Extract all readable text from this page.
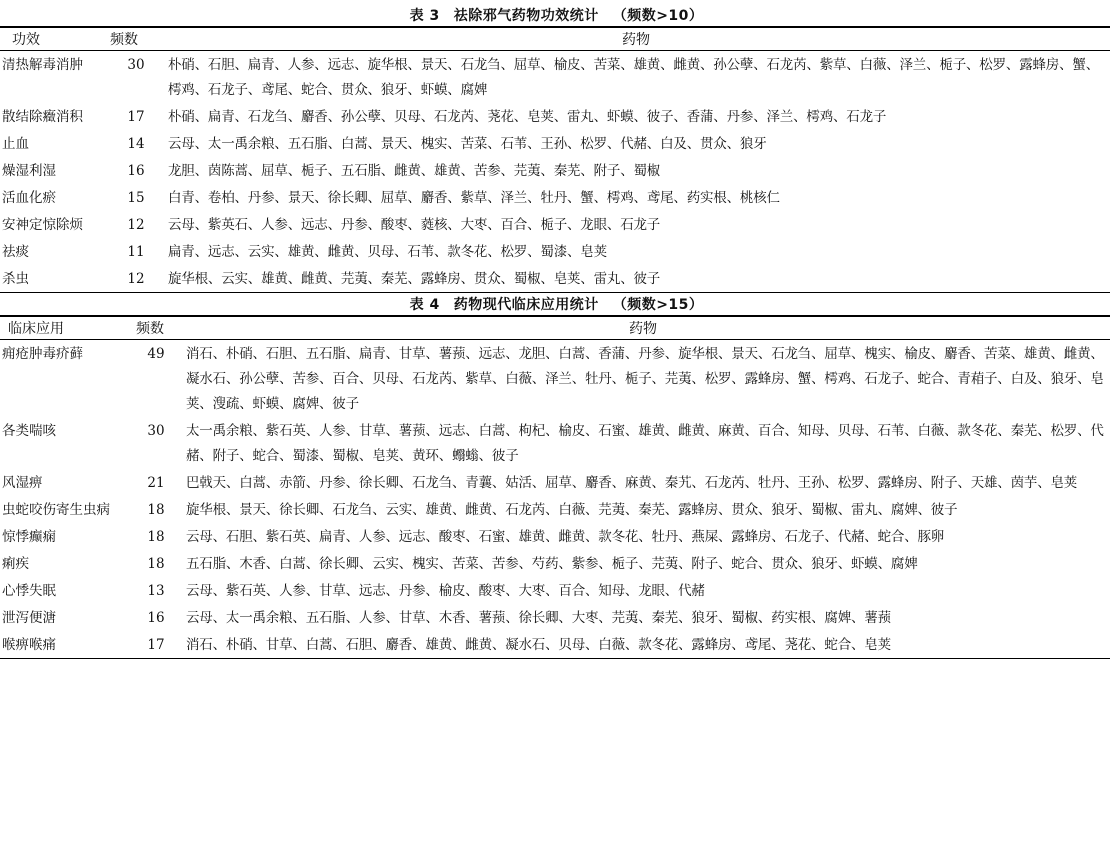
表 3 祛除邪气药物功效统计 （频数>10）
功效	频数	药物
清热解毒消肿	30	朴硝、石胆、扁青、人参、远志、旋华根、景天、石龙刍、屈草、榆皮、苦菜、雄黄、雌黄、孙公孽、石龙芮、紫草、白薇、泽兰、栀子、松罗、露蜂房、蟹、樗鸡、石龙子、鸢尾、蛇合、贯众、狼牙、虾蟆、腐婢
散结除癥消积	17	朴硝、扁青、石龙刍、麝香、孙公孽、贝母、石龙芮、荛花、皂荚、雷丸、虾蟆、彼子、香蒲、丹参、泽兰、樗鸡、石龙子
止血	14	云母、太一禹余粮、五石脂、白蒿、景天、槐实、苦菜、石苇、王孙、松罗、代赭、白及、贯众、狼牙
燥湿利湿	16	龙胆、茵陈蒿、屈草、栀子、五石脂、雌黄、雄黄、苦参、芫荑、秦芜、附子、蜀椒
活血化瘀	15	白青、卷柏、丹参、景天、徐长卿、屈草、麝香、紫草、泽兰、牡丹、蟹、樗鸡、鸢尾、药实根、桃核仁
安神定惊除烦	12	云母、紫英石、人参、远志、丹参、酸枣、蕤核、大枣、百合、栀子、龙眼、石龙子
祛痰	11	扁青、远志、云实、雄黄、雌黄、贝母、石苇、款冬花、松罗、蜀漆、皂荚
杀虫	12	旋华根、云实、雄黄、雌黄、芫荑、秦芜、露蜂房、贯众、蜀椒、皂荚、雷丸、彼子
表 4 药物现代临床应用统计 （频数>15）
临床应用	频数	药物
痈疮肿毒疥藓	49	消石、朴硝、石胆、五石脂、扁青、甘草、薯蓣、远志、龙胆、白蒿、香蒲、丹参、旋华根、景天、石龙刍、屈草、槐实、榆皮、麝香、苦菜、雄黄、雌黄、凝水石、孙公孽、苦参、百合、贝母、石龙芮、紫草、白薇、泽兰、牡丹、栀子、芫荑、松罗、露蜂房、蟹、樗鸡、石龙子、蛇合、青葙子、白及、狼牙、皂荚、溲疏、虾蟆、腐婢、彼子
各类喘咳	30	太一禹余粮、紫石英、人参、甘草、薯蓣、远志、白蒿、枸杞、榆皮、石蜜、雄黄、雌黄、麻黄、百合、知母、贝母、石苇、白薇、款冬花、秦芜、松罗、代赭、附子、蛇合、蜀漆、蜀椒、皂荚、黄环、蠮螉、彼子
风湿痹	21	巴戟天、白蒿、赤箭、丹参、徐长卿、石龙刍、青蘘、姑活、屈草、麝香、麻黄、秦艽、石龙芮、牡丹、王孙、松罗、露蜂房、附子、天雄、茵芋、皂荚
虫蛇咬伤寄生虫病	18	旋华根、景天、徐长卿、石龙刍、云实、雄黄、雌黄、石龙芮、白薇、芫荑、秦芜、露蜂房、贯众、狼牙、蜀椒、雷丸、腐婢、彼子
惊悸癫痫	18	云母、石胆、紫石英、扁青、人参、远志、酸枣、石蜜、雄黄、雌黄、款冬花、牡丹、燕屎、露蜂房、石龙子、代赭、蛇合、豚卵
痢疾	18	五石脂、木香、白蒿、徐长卿、云实、槐实、苦菜、苦参、芍药、紫参、栀子、芫荑、附子、蛇合、贯众、狼牙、虾蟆、腐婢
心悸失眠	13	云母、紫石英、人参、甘草、远志、丹参、榆皮、酸枣、大枣、百合、知母、龙眼、代赭
泄泻便溏	16	云母、太一禹余粮、五石脂、人参、甘草、木香、薯蓣、徐长卿、大枣、芫荑、秦芜、狼牙、蜀椒、药实根、腐婢、薯蓣
喉痹喉痛	17	消石、朴硝、甘草、白蒿、石胆、麝香、雄黄、雌黄、凝水石、贝母、白薇、款冬花、露蜂房、鸢尾、荛花、蛇合、皂荚
